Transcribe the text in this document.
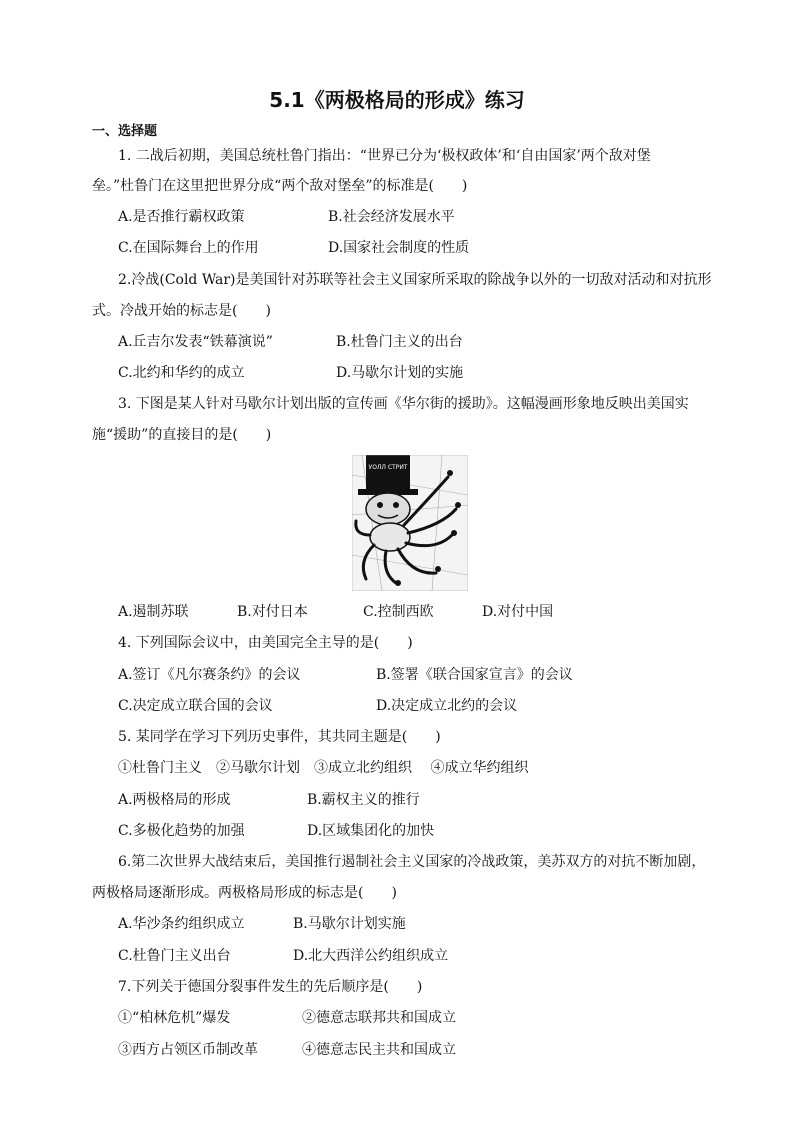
5.1《两极格局的形成》练习
一、选择题
1. 二战后初期，美国总统杜鲁门指出：“世界已分为‘极权政体’和‘自由国家’两个敌对堡
垒。”杜鲁门在这里把世界分成“两个敌对堡垒”的标准是(　　)
A.是否推行霸权政策	B.社会经济发展水平
C.在国际舞台上的作用	D.国家社会制度的性质
2.冷战(Cold War)是美国针对苏联等社会主义国家所采取的除战争以外的一切敌对活动和对抗形
式。冷战开始的标志是(　　)
A.丘吉尔发表“铁幕演说”	B.杜鲁门主义的出台
C.北约和华约的成立	D.马歇尔计划的实施
3. 下图是某人针对马歇尔计划出版的宣传画《华尔街的援助》。这幅漫画形象地反映出美国实
施“援助”的直接目的是(　　)
УОЛЛ СТРИТ
A.遏制苏联	B.对付日本	C.控制西欧	D.对付中国
4. 下列国际会议中，由美国完全主导的是(　　)
A.签订《凡尔赛条约》的会议	B.签署《联合国家宣言》的会议
C.决定成立联合国的会议	D.决定成立北约的会议
5. 某同学在学习下列历史事件，其共同主题是(　　)
①杜鲁门主义　②马歇尔计划　③成立北约组织　 ④成立华约组织
A.两极格局的形成	B.霸权主义的推行
C.多极化趋势的加强	D.区域集团化的加快
6.第二次世界大战结束后，美国推行遏制社会主义国家的冷战政策，美苏双方的对抗不断加剧，
两极格局逐渐形成。两极格局形成的标志是(　　)
A.华沙条约组织成立	B.马歇尔计划实施
C.杜鲁门主义出台	D.北大西洋公约组织成立
7.下列关于德国分裂事件发生的先后顺序是(　　)
①“柏林危机”爆发	②德意志联邦共和国成立
③西方占领区币制改革	④德意志民主共和国成立
